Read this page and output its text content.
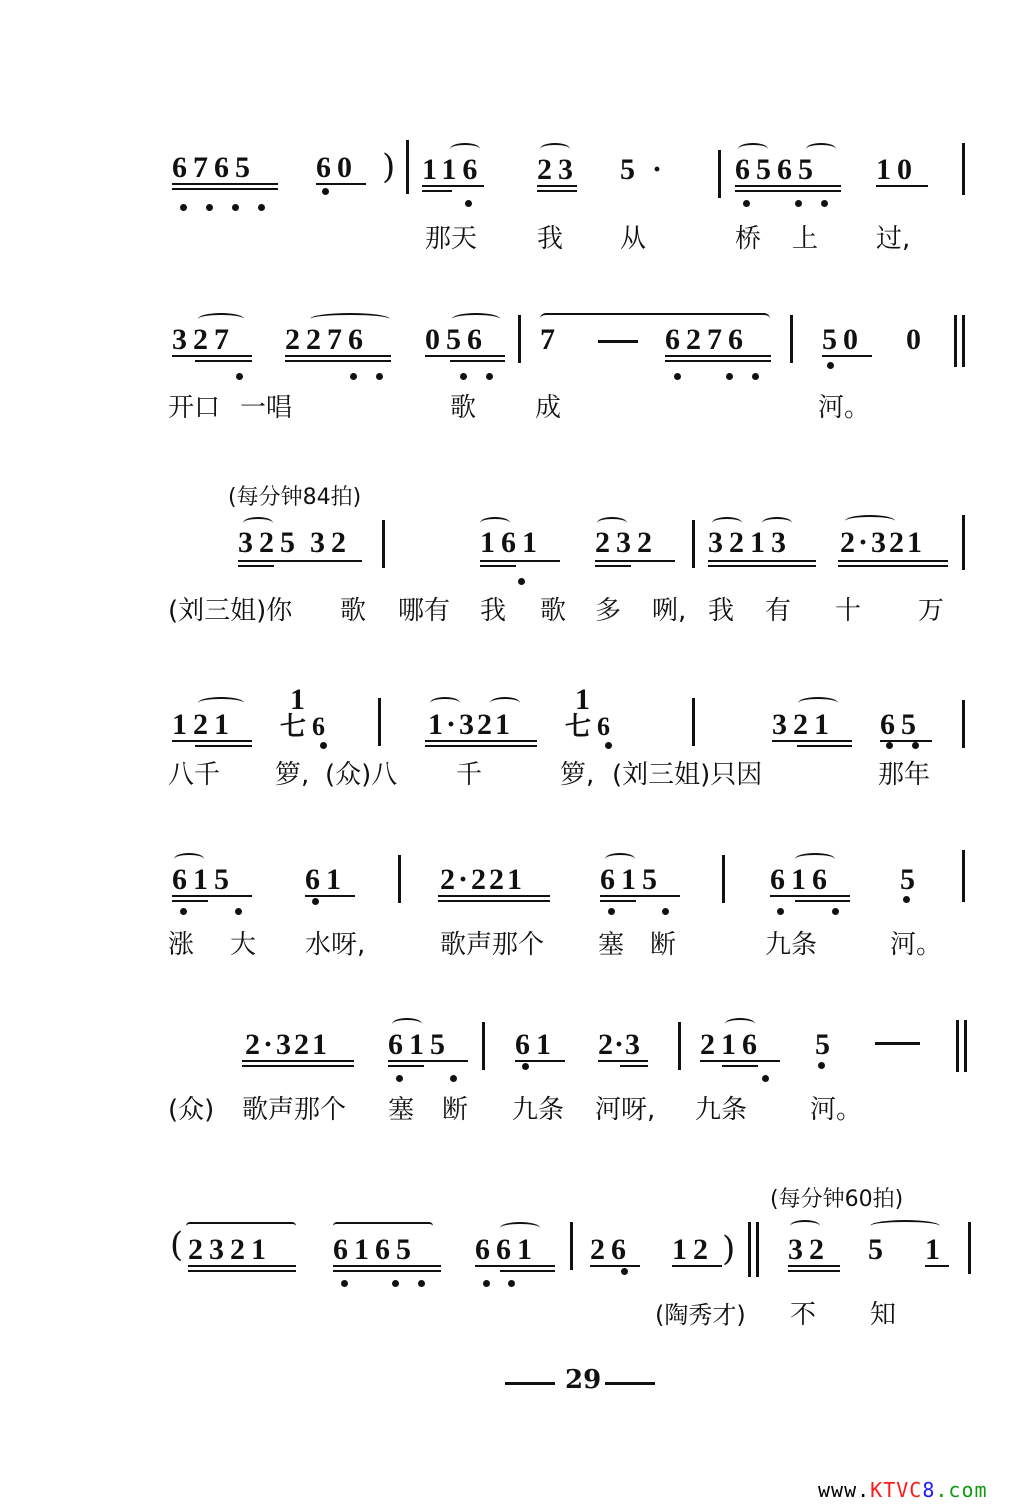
6765 60 ) 116 23 5 · 6565 10
那天 我 从	桥 上 过,
327 2276 056 7	6276 50 0
开口 一唱	歌 成	河。
(每分钟84拍)
325 32	161 232 3213 2·321
(刘三姐)你 歌 哪有 我 歌 多 咧, 我 有 十 万
121
1
七6	1·321
1
七6	321 65
八千 箩, (众)八 千	箩, (刘三姐)只因	那年
615 61	2·221 615	616 5
涨 大 水呀,	歌声那个 塞 断	九条	河。
2·321 615 61 2·3 216 5
(众) 歌声那个 塞 断 九条 河呀, 九条 河。
(每分钟60拍)
( 2321 6165 661 26 12 ) 32 5 1
(陶秀才) 不 知
29
www.KTVC8.com
